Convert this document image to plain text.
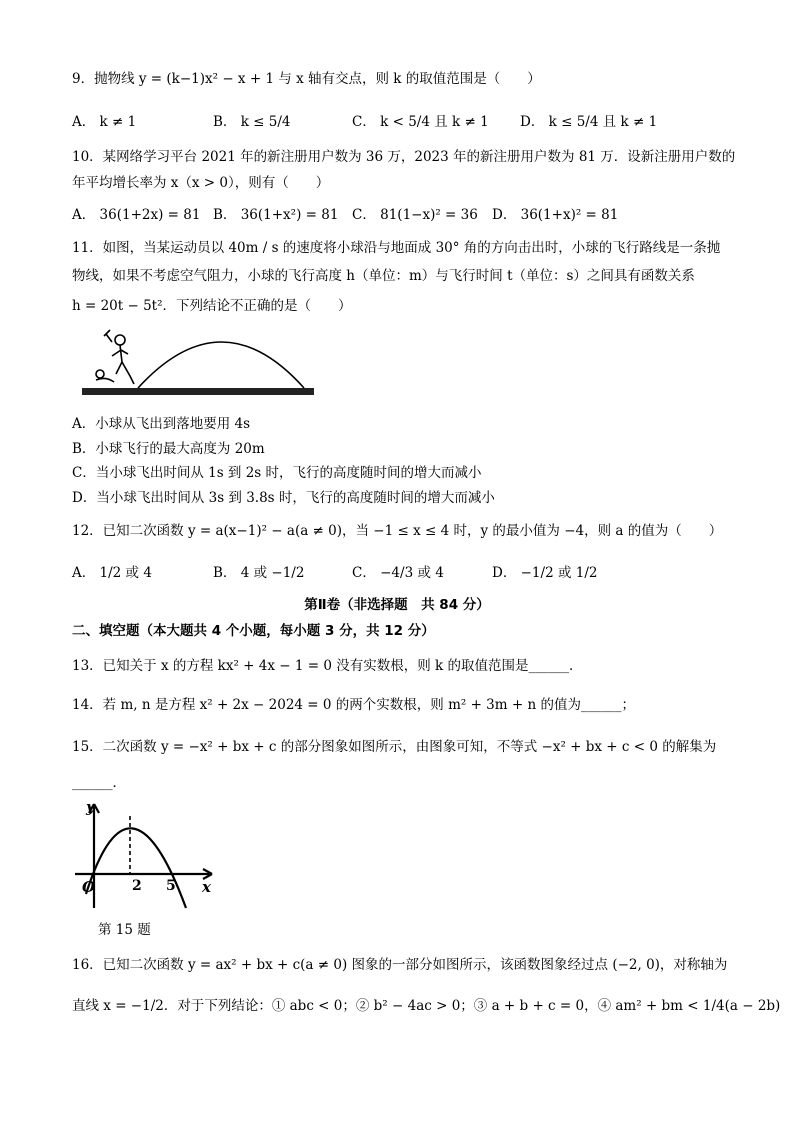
9．抛物线 y = (k−1)x² − x + 1 与 x 轴有交点，则 k 的取值范围是（　　）
A． k ≠ 1	B． k ≤ 5/4	C． k < 5/4 且 k ≠ 1 D． k ≤ 5/4 且 k ≠ 1
10．某网络学习平台 2021 年的新注册用户数为 36 万，2023 年的新注册用户数为 81 万．设新注册用户数的
年平均增长率为 x（x > 0），则有（　　）
A． 36(1+2x) = 81 B． 36(1+x²) = 81 C． 81(1−x)² = 36 D． 36(1+x)² = 81
11．如图，当某运动员以 40m / s 的速度将小球沿与地面成 30° 角的方向击出时，小球的飞行路线是一条抛
物线，如果不考虑空气阻力，小球的飞行高度 h（单位：m）与飞行时间 t（单位：s）之间具有函数关系
h = 20t − 5t²．下列结论不正确的是（　　）
A．小球从飞出到落地要用 4s
B．小球飞行的最大高度为 20m
C．当小球飞出时间从 1s 到 2s 时，飞行的高度随时间的增大而减小
D．当小球飞出时间从 3s 到 3.8s 时，飞行的高度随时间的增大而减小
12．已知二次函数 y = a(x−1)² − a(a ≠ 0)，当 −1 ≤ x ≤ 4 时，y 的最小值为 −4，则 a 的值为（　　）
A． 1/2 或 4	B． 4 或 −1/2	C． −4/3 或 4	D． −1/2 或 1/2
第Ⅱ卷（非选择题　共 84 分）
二、填空题（本大题共 4 个小题，每小题 3 分，共 12 分）
13．已知关于 x 的方程 kx² + 4x − 1 = 0 没有实数根，则 k 的取值范围是______．
14．若 m, n 是方程 x² + 2x − 2024 = 0 的两个实数根，则 m² + 3m + n 的值为______；
15．二次函数 y = −x² + bx + c 的部分图象如图所示，由图象可知，不等式 −x² + bx + c < 0 的解集为
______．
y
x
O	2 5
第 15 题
16．已知二次函数 y = ax² + bx + c(a ≠ 0) 图象的一部分如图所示，该函数图象经过点 (−2, 0)，对称轴为
直线 x = −1/2．对于下列结论：① abc < 0；② b² − 4ac > 0；③ a + b + c = 0，④ am² + bm < 1/4(a − 2b)
